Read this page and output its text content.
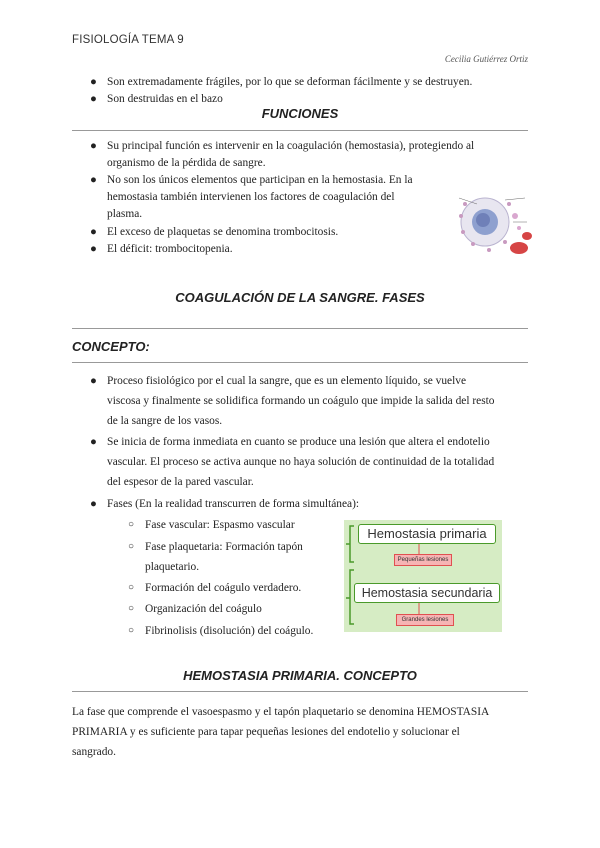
FISIOLOGÍA TEMA 9
Cecilia Gutiérrez Ortiz
● Son extremadamente frágiles, por lo que se deforman fácilmente y se destruyen.
● Son destruidas en el bazo
FUNCIONES
● Su principal función es intervenir en la coagulación (hemostasia), protegiendo al
organismo de la pérdida de sangre.
● No son los únicos elementos que participan en la hemostasia. En la
hemostasia también intervienen los factores de coagulación del
plasma.
● El exceso de plaquetas se denomina trombocitosis.
● El déficit: trombocitopenia.
COAGULACIÓN DE LA SANGRE. FASES
CONCEPTO:
● Proceso fisiológico por el cual la sangre, que es un elemento líquido, se vuelve
viscosa y finalmente se solidifica formando un coágulo que impide la salida del resto
de la sangre de los vasos.
● Se inicia de forma inmediata en cuanto se produce una lesión que altera el endotelio
vascular. El proceso se activa aunque no haya solución de continuidad de la totalidad
del espesor de la pared vascular.
● Fases (En la realidad transcurren de forma simultánea):
○ Fase vascular: Espasmo vascular
○ Fase plaquetaria: Formación tapón
plaquetario.
○ Formación del coágulo verdadero.
○ Organización del coágulo
○ Fibrinolisis (disolución) del coágulo.
Hemostasia primaria
Pequeñas lesiones
Hemostasia secundaria
Grandes lesiones
HEMOSTASIA PRIMARIA. CONCEPTO
La fase que comprende el vasoespasmo y el tapón plaquetario se denomina HEMOSTASIA
PRIMARIA y es suficiente para tapar pequeñas lesiones del endotelio y solucionar el
sangrado.
